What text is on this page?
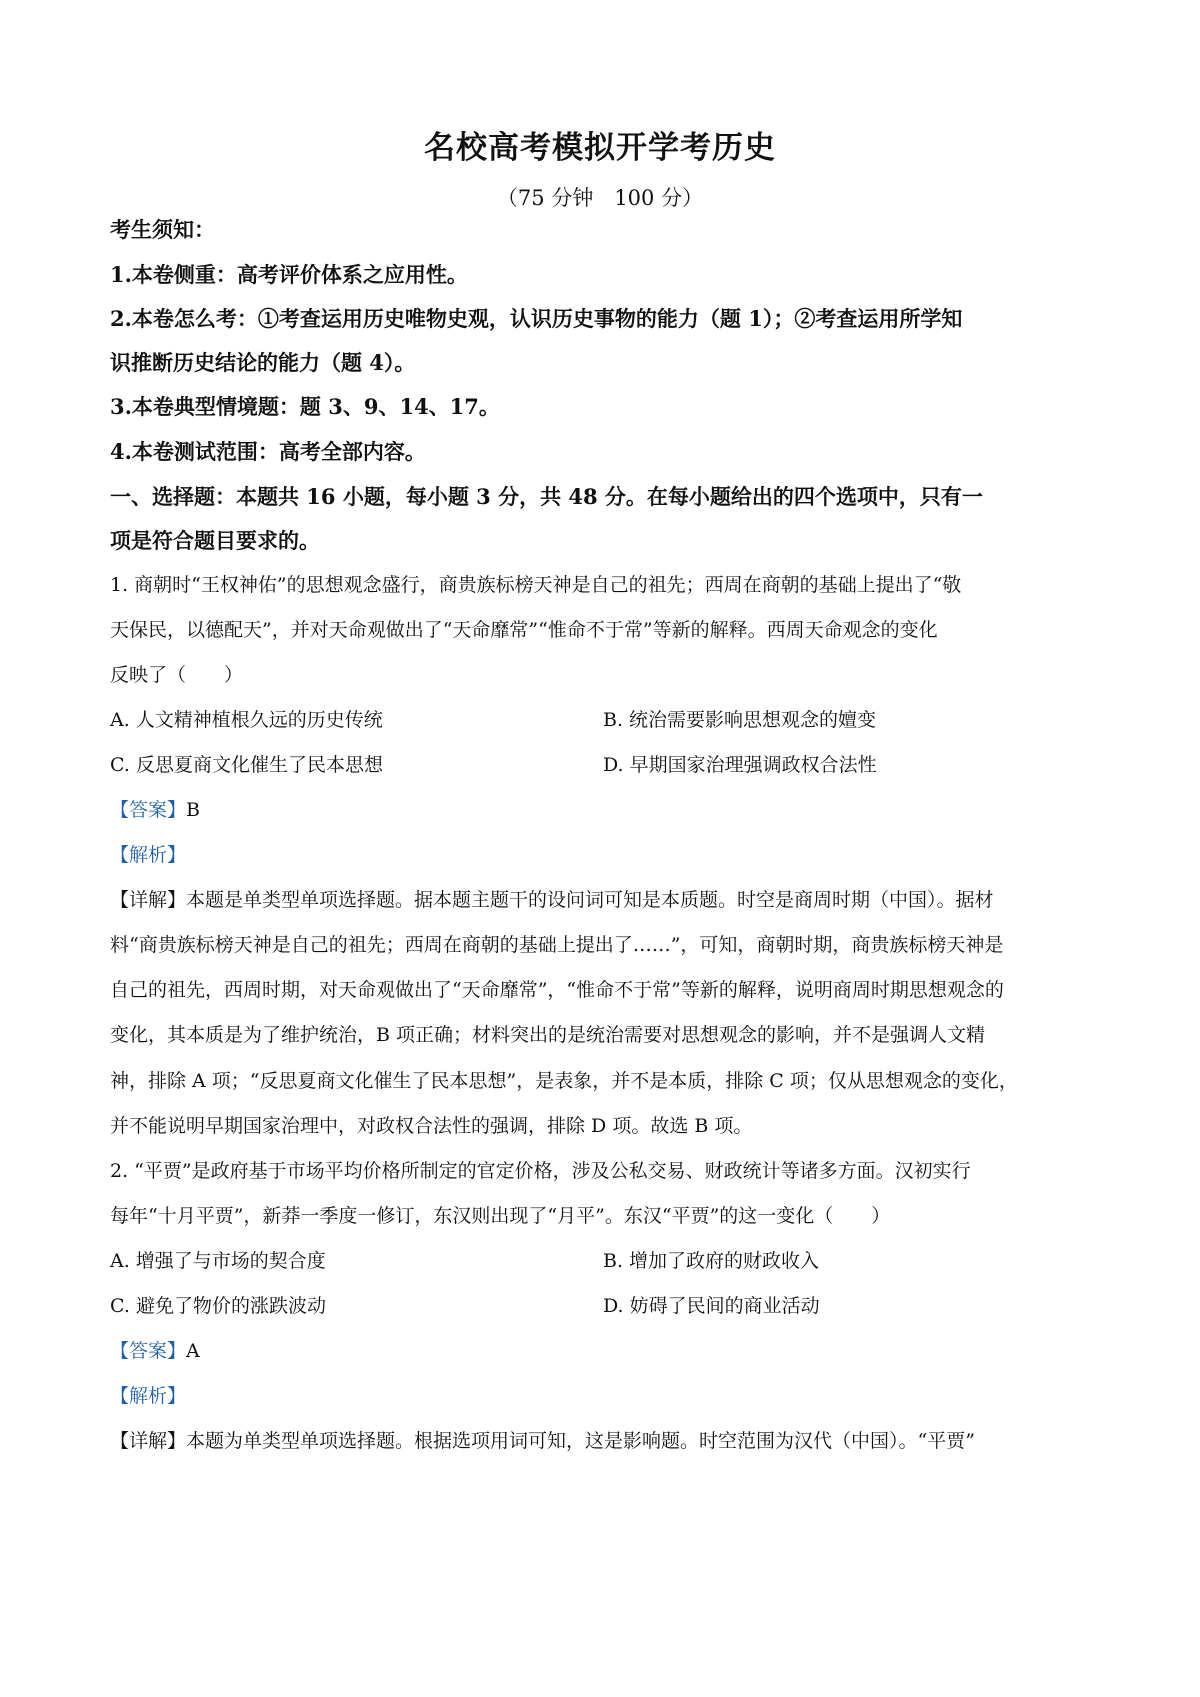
名校高考模拟开学考历史
（75 分钟　100 分）
考生须知：
1.本卷侧重：高考评价体系之应用性。
2.本卷怎么考：①考查运用历史唯物史观，认识历史事物的能力（题 1）；②考查运用所学知
识推断历史结论的能力（题 4）。
3.本卷典型情境题：题 3、9、14、17。
4.本卷测试范围：高考全部内容。
一、选择题：本题共 16 小题，每小题 3 分，共 48 分。在每小题给出的四个选项中，只有一
项是符合题目要求的。
1. 商朝时“王权神佑”的思想观念盛行，商贵族标榜天神是自己的祖先；西周在商朝的基础上提出了“敬
天保民，以德配天”，并对天命观做出了“天命靡常”“惟命不于常”等新的解释。西周天命观念的变化
反映了（　　）
A. 人文精神植根久远的历史传统	B. 统治需要影响思想观念的嬗变
C. 反思夏商文化催生了民本思想	D. 早期国家治理强调政权合法性
【答案】B
【解析】
【详解】本题是单类型单项选择题。据本题主题干的设问词可知是本质题。时空是商周时期（中国）。据材
料“商贵族标榜天神是自己的祖先；西周在商朝的基础上提出了……”，可知，商朝时期，商贵族标榜天神是
自己的祖先，西周时期，对天命观做出了“天命靡常”，“惟命不于常”等新的解释，说明商周时期思想观念的
变化，其本质是为了维护统治，B 项正确；材料突出的是统治需要对思想观念的影响，并不是强调人文精
神，排除 A 项；“反思夏商文化催生了民本思想”，是表象，并不是本质，排除 C 项；仅从思想观念的变化，
并不能说明早期国家治理中，对政权合法性的强调，排除 D 项。故选 B 项。
2. “平贾”是政府基于市场平均价格所制定的官定价格，涉及公私交易、财政统计等诸多方面。汉初实行
每年“十月平贾”，新莽一季度一修订，东汉则出现了“月平”。东汉“平贾”的这一变化（　　）
A. 增强了与市场的契合度	B. 增加了政府的财政收入
C. 避免了物价的涨跌波动	D. 妨碍了民间的商业活动
【答案】A
【解析】
【详解】本题为单类型单项选择题。根据选项用词可知，这是影响题。时空范围为汉代（中国）。“平贾”
